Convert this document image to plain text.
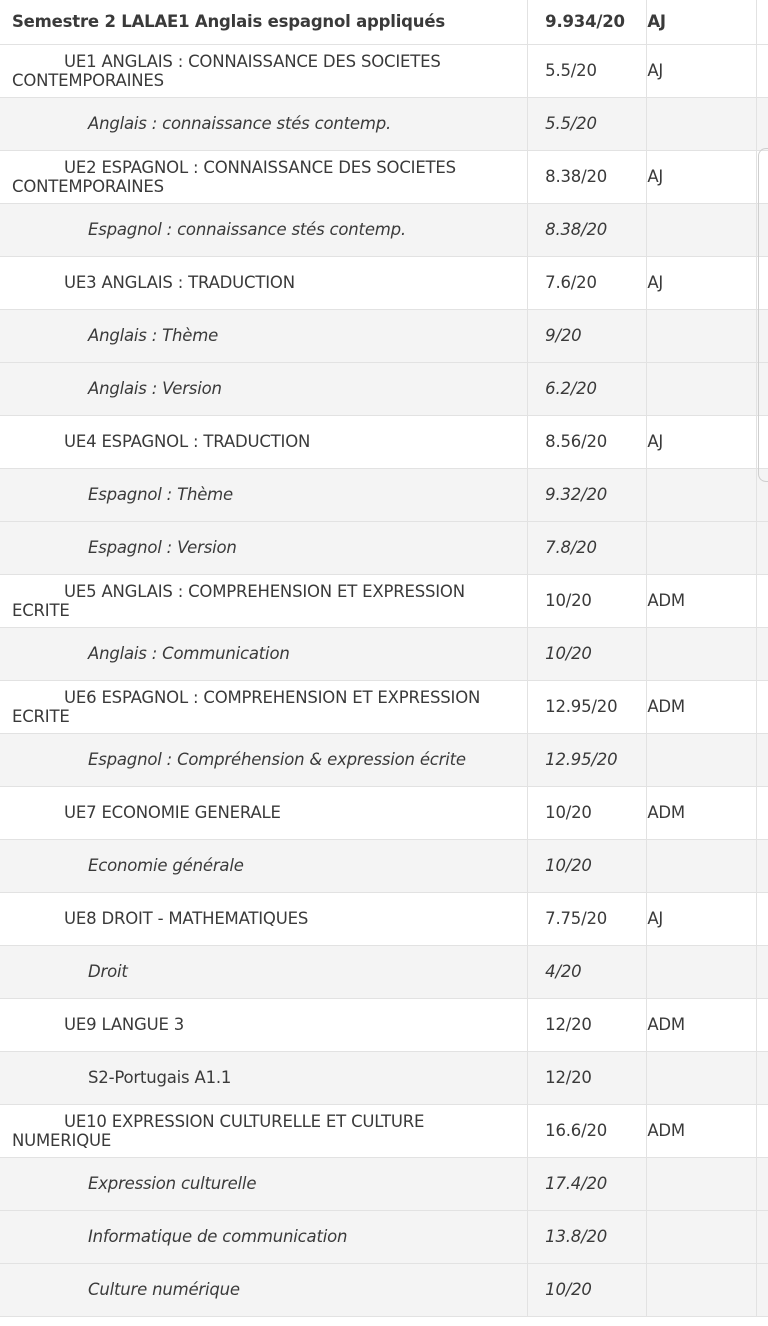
Semestre 2 LALAE1 Anglais espagnol appliqués	9.934/20	AJ	

UE1 ANGLAIS : CONNAISSANCE DES SOCIETES CONTEMPORAINES	5.5/20	AJ	

Anglais : connaissance stés contemp.	5.5/20		

UE2 ESPAGNOL : CONNAISSANCE DES SOCIETES CONTEMPORAINES	8.38/20	AJ	

Espagnol : connaissance stés contemp.	8.38/20		

UE3 ANGLAIS : TRADUCTION	7.6/20	AJ	

Anglais : Thème	9/20		

Anglais : Version	6.2/20		

UE4 ESPAGNOL : TRADUCTION	8.56/20	AJ	

Espagnol : Thème	9.32/20		

Espagnol : Version	7.8/20		

UE5 ANGLAIS : COMPREHENSION ET EXPRESSION ECRITE	10/20	ADM	

Anglais : Communication	10/20		

UE6 ESPAGNOL : COMPREHENSION ET EXPRESSION ECRITE	12.95/20	ADM	

Espagnol : Compréhension & expression écrite	12.95/20		

UE7 ECONOMIE GENERALE	10/20	ADM	

Economie générale	10/20		

UE8 DROIT - MATHEMATIQUES	7.75/20	AJ	

Droit	4/20		

UE9 LANGUE 3	12/20	ADM	

S2-Portugais A1.1	12/20		

UE10 EXPRESSION CULTURELLE ET CULTURE NUMERIQUE	16.6/20	ADM	

Expression culturelle	17.4/20		

Informatique de communication	13.8/20		

Culture numérique	10/20		
